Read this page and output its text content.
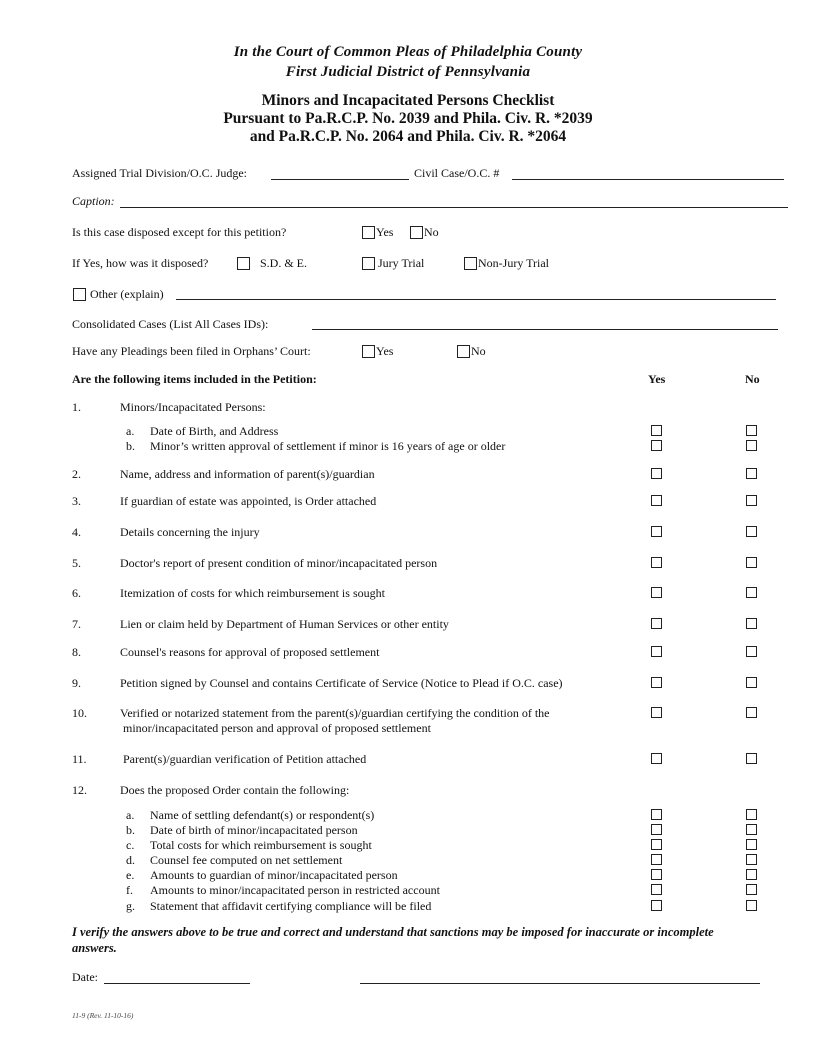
In the Court of Common Pleas of Philadelphia County
First Judicial District of Pennsylvania
Minors and Incapacitated Persons Checklist
Pursuant to Pa.R.C.P. No. 2039 and Phila. Civ. R. *2039
and Pa.R.C.P. No. 2064 and Phila. Civ. R. *2064
Assigned Trial Division/O.C. Judge:	Civil Case/O.C. #
Caption:
Is this case disposed except for this petition?	Yes	No
If Yes, how was it disposed?	S.D. & E.	Jury Trial	Non-Jury Trial
Other (explain)
Consolidated Cases (List All Cases IDs):
Have any Pleadings been filed in Orphans’ Court:	Yes	No
Are the following items included in the Petition:	Yes	No
1.	Minors/Incapacitated Persons:
a. Date of Birth, and Address
b. Minor’s written approval of settlement if minor is 16 years of age or older
2.	Name, address and information of parent(s)/guardian
3.	If guardian of estate was appointed, is Order attached
4.	Details concerning the injury
5.	Doctor's report of present condition of minor/incapacitated person
6.	Itemization of costs for which reimbursement is sought
7.	Lien or claim held by Department of Human Services or other entity
8.	Counsel's reasons for approval of proposed settlement
9.	Petition signed by Counsel and contains Certificate of Service (Notice to Plead if O.C. case)
10.	Verified or notarized statement from the parent(s)/guardian certifying the condition of the
minor/incapacitated person and approval of proposed settlement
11.	Parent(s)/guardian verification of Petition attached
12.	Does the proposed Order contain the following:
a. Name of settling defendant(s) or respondent(s)
b. Date of birth of minor/incapacitated person
c. Total costs for which reimbursement is sought
d. Counsel fee computed on net settlement
e. Amounts to guardian of minor/incapacitated person
f. Amounts to minor/incapacitated person in restricted account
g. Statement that affidavit certifying compliance will be filed
I verify the answers above to be true and correct and understand that sanctions may be imposed for inaccurate or incomplete answers.
Date:
11-9 (Rev. 11-10-16)
